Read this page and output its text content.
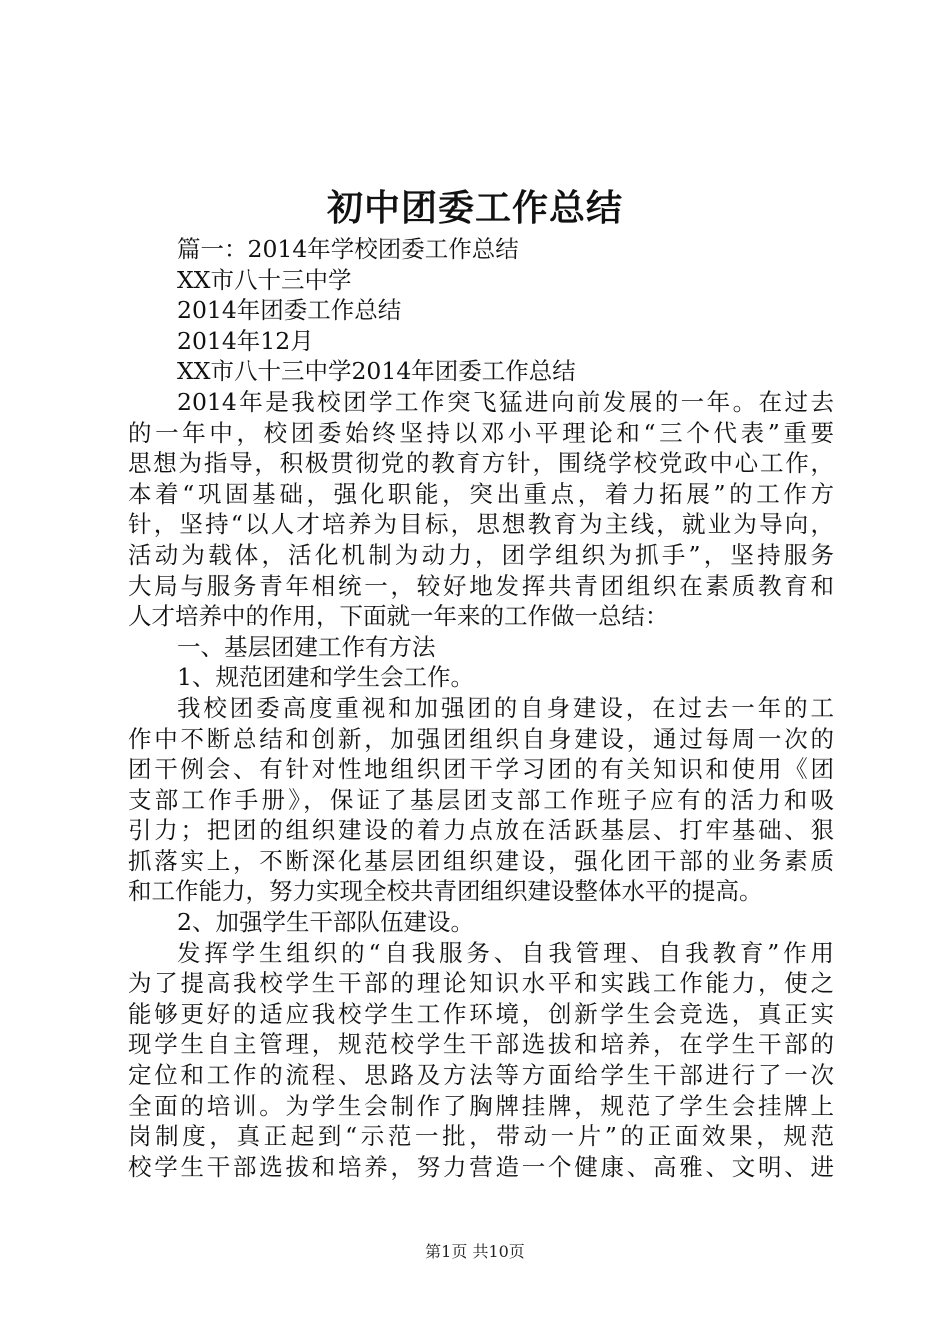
初中团委工作总结
篇一：2014年学校团委工作总结
XX市八十三中学
2014年团委工作总结
2014年12月
XX市八十三中学2014年团委工作总结
2014年是我校团学工作突飞猛进向前发展的一年。在过去
的一年中，校团委始终坚持以邓小平理论和“三个代表”重要
思想为指导，积极贯彻党的教育方针，围绕学校党政中心工作，
本着“巩固基础，强化职能，突出重点，着力拓展”的工作方
针，坚持“以人才培养为目标，思想教育为主线，就业为导向，
活动为载体，活化机制为动力，团学组织为抓手”，坚持服务
大局与服务青年相统一，较好地发挥共青团组织在素质教育和
人才培养中的作用，下面就一年来的工作做一总结：
一、基层团建工作有方法
1、规范团建和学生会工作。
我校团委高度重视和加强团的自身建设，在过去一年的工
作中不断总结和创新，加强团组织自身建设，通过每周一次的
团干例会、有针对性地组织团干学习团的有关知识和使用《团
支部工作手册》，保证了基层团支部工作班子应有的活力和吸
引力；把团的组织建设的着力点放在活跃基层、打牢基础、狠
抓落实上，不断深化基层团组织建设，强化团干部的业务素质
和工作能力，努力实现全校共青团组织建设整体水平的提高。
2、加强学生干部队伍建设。
发挥学生组织的“自我服务、自我管理、自我教育”作用
为了提高我校学生干部的理论知识水平和实践工作能力，使之
能够更好的适应我校学生工作环境，创新学生会竞选，真正实
现学生自主管理，规范校学生干部选拔和培养，在学生干部的
定位和工作的流程、思路及方法等方面给学生干部进行了一次
全面的培训。为学生会制作了胸牌挂牌，规范了学生会挂牌上
岗制度，真正起到“示范一批，带动一片”的正面效果，规范
校学生干部选拔和培养，努力营造一个健康、高雅、文明、进
第1页 共10页
